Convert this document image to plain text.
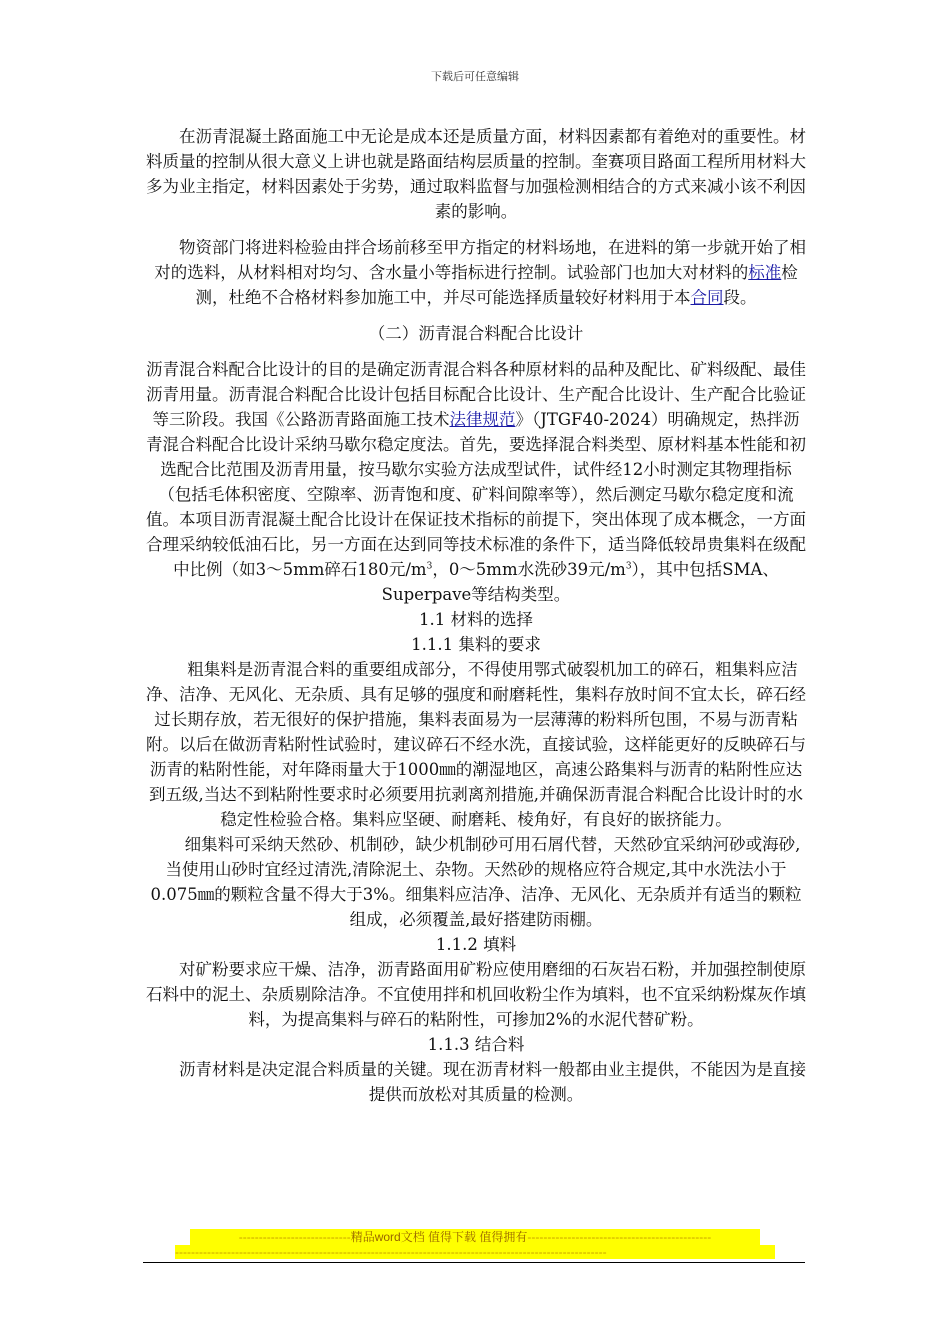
下载后可任意编辑

在沥青混凝土路面施工中无论是成本还是质量方面，材料因素都有着绝对的重要性。材料质量的控制从很大意义上讲也就是路面结构层质量的控制。奎赛项目路面工程所用材料大多为业主指定，材料因素处于劣势，通过取料监督与加强检测相结合的方式来减小该不利因素的影响。

物资部门将进料检验由拌合场前移至甲方指定的材料场地，在进料的第一步就开始了相对的选料，从材料相对均匀、含水量小等指标进行控制。试验部门也加大对材料的标准检测，杜绝不合格材料参加施工中，并尽可能选择质量较好材料用于本合同段。

（二）沥青混合料配合比设计

沥青混合料配合比设计的目的是确定沥青混合料各种原材料的品种及配比、矿料级配、最佳沥青用量。沥青混合料配合比设计包括目标配合比设计、生产配合比设计、生产配合比验证等三阶段。我国《公路沥青路面施工技术法律规范》（JTGF40-2024）明确规定，热拌沥青混合料配合比设计采纳马歇尔稳定度法。首先，要选择混合料类型、原材料基本性能和初选配合比范围及沥青用量，按马歇尔实验方法成型试件，试件经12小时测定其物理指标（包括毛体积密度、空隙率、沥青饱和度、矿料间隙率等），然后测定马歇尔稳定度和流值。本项目沥青混凝土配合比设计在保证技术指标的前提下，突出体现了成本概念，一方面合理采纳较低油石比，另一方面在达到同等技术标准的条件下，适当降低较昂贵集料在级配中比例（如3～5mm碎石180元$/m^3$，0～5mm水洗砂39元$/m^3$），其中包括SMA、Superpave等结构类型。

1.1 材料的选择

1.1.1 集料的要求

粗集料是沥青混合料的重要组成部分，不得使用鄂式破裂机加工的碎石，粗集料应洁净、洁净、无风化、无杂质、具有足够的强度和耐磨耗性，集料存放时间不宜太长，碎石经过长期存放，若无很好的保护措施，集料表面易为一层薄薄的粉料所包围，不易与沥青粘附。以后在做沥青粘附性试验时，建议碎石不经水洗，直接试验，这样能更好的反映碎石与沥青的粘附性能，对年降雨量大于1000㎜的潮湿地区，高速公路集料与沥青的粘附性应达到五级,当达不到粘附性要求时必须要用抗剥离剂措施,并确保沥青混合料配合比设计时的水稳定性检验合格。集料应坚硬、耐磨耗、棱角好，有良好的嵌挤能力。

细集料可采纳天然砂、机制砂，缺少机制砂可用石屑代替，天然砂宜采纳河砂或海砂,当使用山砂时宜经过清洗,清除泥土、杂物。天然砂的规格应符合规定,其中水洗法小于0.075㎜的颗粒含量不得大于3%。细集料应洁净、洁净、无风化、无杂质并有适当的颗粒组成，必须覆盖,最好搭建防雨棚。

1.1.2 填料

对矿粉要求应干燥、洁净，沥青路面用矿粉应使用磨细的石灰岩石粉，并加强控制使原石料中的泥土、杂质剔除洁净。不宜使用拌和机回收粉尘作为填料，也不宜采纳粉煤灰作填料，为提高集料与碎石的粘附性，可掺加2%的水泥代替矿粉。

1.1.3 结合料

沥青材料是决定混合料质量的关键。现在沥青材料一般都由业主提供，不能因为是直接提供而放松对其质量的检测。

----------------------------精品word文档 值得下载 值得拥有----------------------------------------------
------------------------------------------------------------------------------------------------------------
